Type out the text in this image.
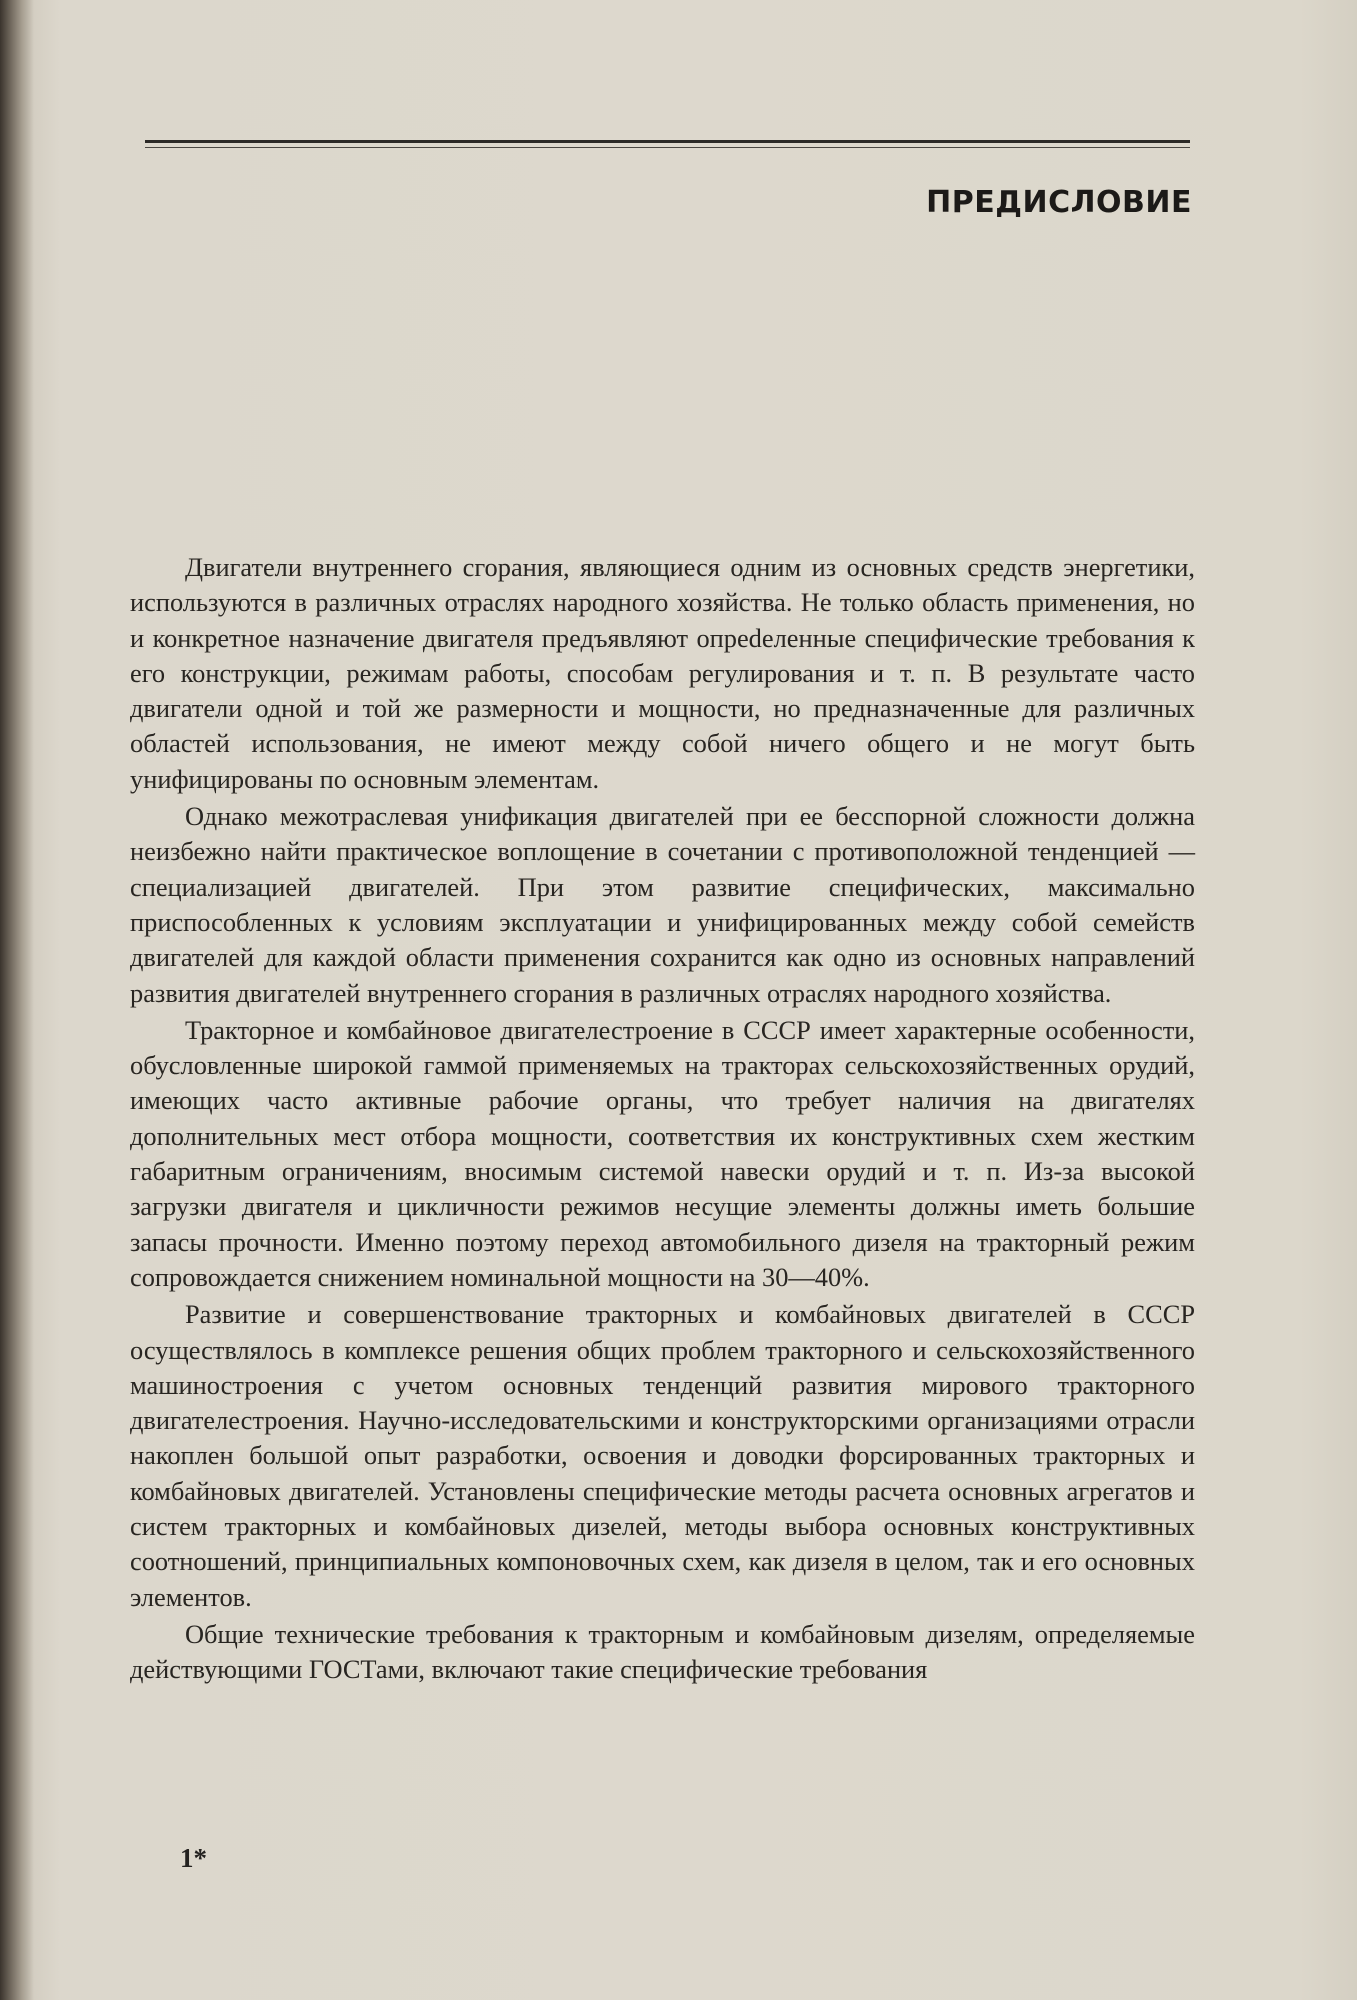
ПРЕДИСЛОВИЕ

Двигатели внутреннего сгорания, являющиеся одним из основных средств энергетики, используются в различных отраслях народного хозяйства. Не только область применения, но и конкретное назначение двигателя предъявляют опреdеленные специфические требования к его конструкции, режимам работы, способам регулирования и т. п. В результате часто двигатели одной и той же размерности и мощности, но предназначенные для различных областей использования, не имеют между собой ничего общего и не могут быть унифицированы по основным элементам.

Однако межотраслевая унификация двигателей при ее бесспорной сложности должна неизбежно найти практическое воплощение в сочетании с противоположной тенденцией — специализацией двигателей. При этом развитие специфических, максимально приспособленных к условиям эксплуатации и унифицированных между собой семейств двигателей для каждой области применения сохранится как одно из основных направлений развития двигателей внутреннего сгорания в различных отраслях народного хозяйства.

Тракторное и комбайновое двигателестроение в СССР имеет характерные особенности, обусловленные широкой гаммой применяемых на тракторах сельскохозяйственных орудий, имеющих часто активные рабочие органы, что требует наличия на двигателях дополнительных мест отбора мощности, соответствия их конструктивных схем жестким габаритным ограничениям, вносимым системой навески орудий и т. п. Из-за высокой загрузки двигателя и цикличности режимов несущие элементы должны иметь большие запасы прочности. Именно поэтому переход автомобильного дизеля на тракторный режим сопровождается снижением номинальной мощности на 30—40%.

Развитие и совершенствование тракторных и комбайновых двигателей в СССР осуществлялось в комплексе решения общих проблем тракторного и сельскохозяйственного машиностроения с учетом основных тенденций развития мирового тракторного двигателестроения. Научно-исследовательскими и конструкторскими организациями отрасли накоплен большой опыт разработки, освоения и доводки форсированных тракторных и комбайновых двигателей. Установлены специфические методы расчета основных агрегатов и систем тракторных и комбайновых дизелей, методы выбора основных конструктивных соотношений, принципиальных компоновочных схем, как дизеля в целом, так и его основных элементов.

Общие технические требования к тракторным и комбайновым дизелям, определяемые действующими ГОСТами, включают такие специфические требования

1*
